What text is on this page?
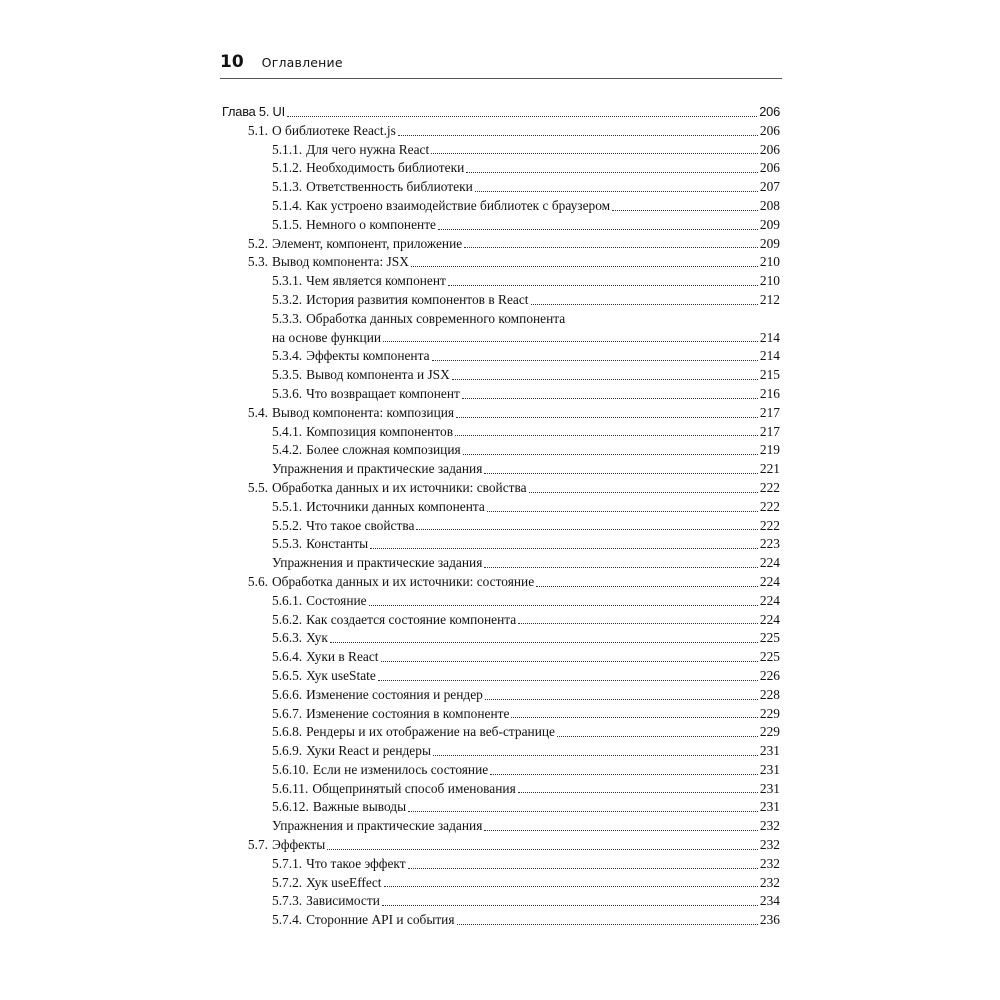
10 Оглавление
Глава 5. UI	206
5.1. О библиотеке React.js	206
5.1.1. Для чего нужна React	206
5.1.2. Необходимость библиотеки	206
5.1.3. Ответственность библиотеки	207
5.1.4. Как устроено взаимодействие библиотек с браузером	208
5.1.5. Немного о компоненте	209
5.2. Элемент, компонент, приложение	209
5.3. Вывод компонента: JSX	210
5.3.1. Чем является компонент	210
5.3.2. История развития компонентов в React	212
5.3.3. Обработка данных современного компонента
на основе функции	214
5.3.4. Эффекты компонента	214
5.3.5. Вывод компонента и JSX	215
5.3.6. Что возвращает компонент	216
5.4. Вывод компонента: композиция	217
5.4.1. Композиция компонентов	217
5.4.2. Более сложная композиция	219
Упражнения и практические задания	221
5.5. Обработка данных и их источники: свойства	222
5.5.1. Источники данных компонента	222
5.5.2. Что такое свойства	222
5.5.3. Константы	223
Упражнения и практические задания	224
5.6. Обработка данных и их источники: состояние	224
5.6.1. Состояние	224
5.6.2. Как создается состояние компонента	224
5.6.3. Хук	225
5.6.4. Хуки в React	225
5.6.5. Хук useState	226
5.6.6. Изменение состояния и рендер	228
5.6.7. Изменение состояния в компоненте	229
5.6.8. Рендеры и их отображение на веб-странице	229
5.6.9. Хуки React и рендеры	231
5.6.10. Если не изменилось состояние	231
5.6.11. Общепринятый способ именования	231
5.6.12. Важные выводы	231
Упражнения и практические задания	232
5.7. Эффекты	232
5.7.1. Что такое эффект	232
5.7.2. Хук useEffect	232
5.7.3. Зависимости	234
5.7.4. Сторонние API и события	236
